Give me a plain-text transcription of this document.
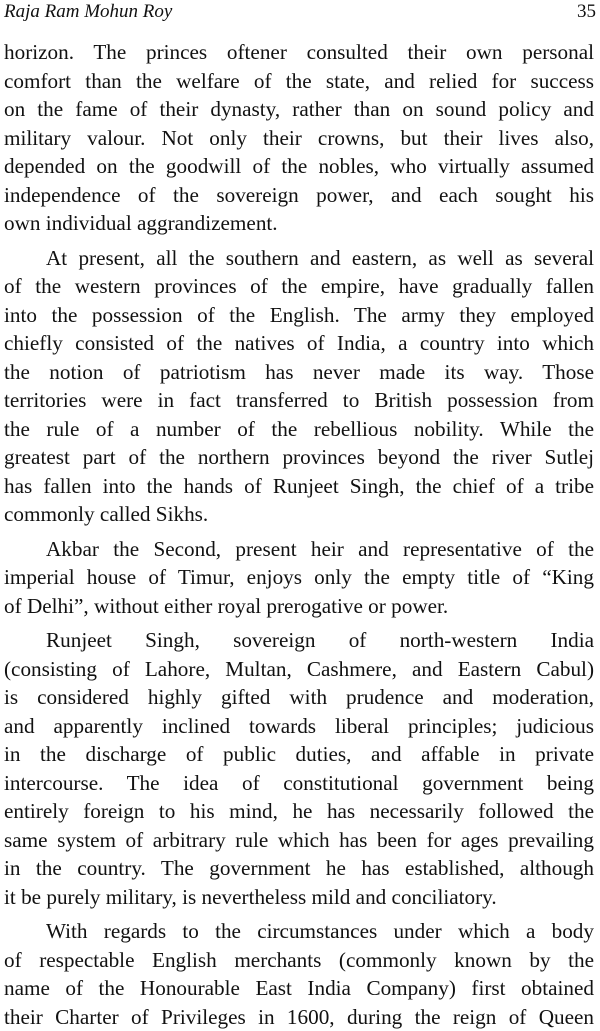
Raja Ram Mohun Roy	35
horizon. The princes oftener consulted their own personal
comfort than the welfare of the state, and relied for success
on the fame of their dynasty, rather than on sound policy and
military valour. Not only their crowns, but their lives also,
depended on the goodwill of the nobles, who virtually assumed
independence of the sovereign power, and each sought his
own individual aggrandizement.
At present, all the southern and eastern, as well as several
of the western provinces of the empire, have gradually fallen
into the possession of the English. The army they employed
chiefly consisted of the natives of India, a country into which
the notion of patriotism has never made its way. Those
territories were in fact transferred to British possession from
the rule of a number of the rebellious nobility. While the
greatest part of the northern provinces beyond the river Sutlej
has fallen into the hands of Runjeet Singh, the chief of a tribe
commonly called Sikhs.
Akbar the Second, present heir and representative of the
imperial house of Timur, enjoys only the empty title of “King
of Delhi”, without either royal prerogative or power.
Runjeet Singh, sovereign of north-western India
(consisting of Lahore, Multan, Cashmere, and Eastern Cabul)
is considered highly gifted with prudence and moderation,
and apparently inclined towards liberal principles; judicious
in the discharge of public duties, and affable in private
intercourse. The idea of constitutional government being
entirely foreign to his mind, he has necessarily followed the
same system of arbitrary rule which has been for ages prevailing
in the country. The government he has established, although
it be purely military, is nevertheless mild and conciliatory.
With regards to the circumstances under which a body
of respectable English merchants (commonly known by the
name of the Honourable East India Company) first obtained
their Charter of Privileges in 1600, during the reign of Queen
